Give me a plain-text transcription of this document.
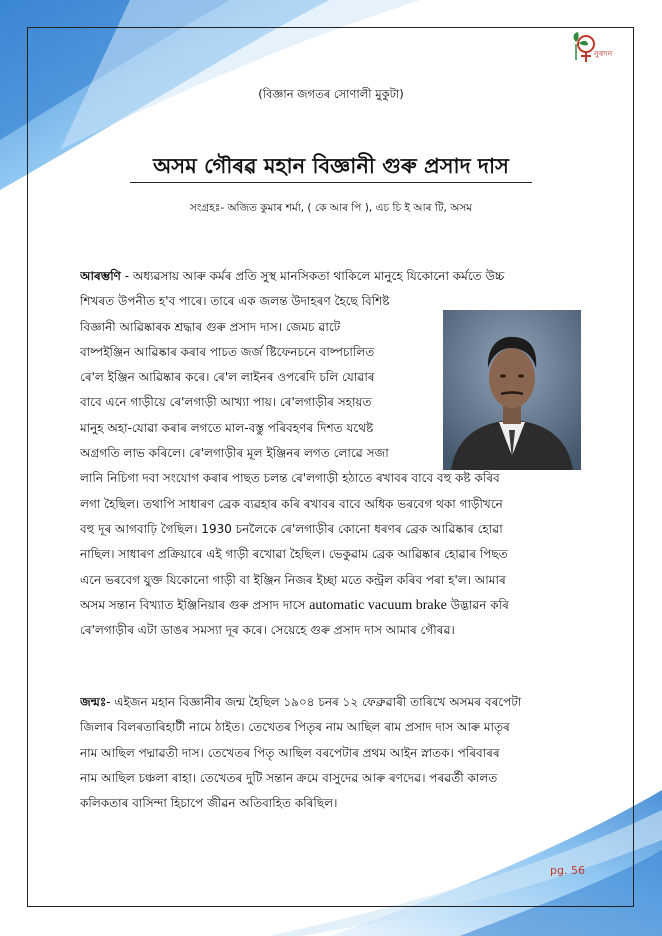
নুৰদন
(বিজ্ঞান জগতৰ সোণালী মুকুটা)
অসম গৌৰৱ মহান বিজ্ঞানী গুৰু প্ৰসাদ দাস
সংগ্ৰহঃ- অজিত কুমাৰ শৰ্মা, ( কে আৰ পি ), এচ চি ই আৰ টি, অসম
আৰম্ভণি - অধ্যৱসায় আৰু কৰ্মৰ প্ৰতি সুস্থ মানসিকতা থাকিলে মানুহে যিকোনো কৰ্মতে উচ্চ
শিখৰত উপনীত হ'ব পাৰে। তাৰে এক জলন্ত উদাহৰণ হৈছে বিশিষ্ট
বিজ্ঞানী আৱিষ্কাৰক শ্ৰদ্ধাৰ গুৰু প্ৰসাদ দাস। জেমচ ৱাটে
বাষ্পইঞ্জিন আৱিষ্কাৰ কৰাৰ পাচত জৰ্জ ষ্টিফেনচনে বাষ্পচালিত
ৰে'ল ইঞ্জিন আৱিষ্কাৰ কৰে। ৰে'ল লাইনৰ ওপৰেদি চলি যোৱাৰ
বাবে এনে গাড়ীয়ে ৰে'লগাড়ী আখ্যা পায়। ৰে'লগাড়ীৰ সহায়ত
মানুহ অহা-যোৱা কৰাৰ লগতে মাল-বস্তু পৰিবহণৰ দিশত যথেষ্ট
অগ্ৰগতি লাভ কৰিলে। ৰে'লগাড়ীৰ মূল ইঞ্জিনৰ লগত লোৱে সজা
লানি নিচিগা দবা সংযোগ কৰাৰ পাছত চলন্ত ৰে'লগাড়ী হঠাতে ৰখাবৰ বাবে বহু কষ্ট কৰিব
লগা হৈছিল। তথাপি সাধাৰণ ব্ৰেক ব্যৱহাৰ কৰি ৰখাবৰ বাবে অধিক ভৰবেগ থকা গাড়ীখনে
বহু দূৰ আগবাঢ়ি গৈছিল। 1930 চনলৈকে ৰে'লগাড়ীৰ কোনো ধৰণৰ ব্ৰেক আৱিষ্কাৰ হোৱা
নাছিল। সাধাৰণ প্ৰক্ৰিয়াৰে এই গাড়ী ৰখোৱা হৈছিল। ভেকুৱাম ব্ৰেক আৱিষ্কাৰ হোৱাৰ পিছত
এনে ভৰবেগ যুক্ত যিকোনো গাড়ী বা ইঞ্জিন নিজৰ ইচ্ছা মতে কন্ট্ৰল কৰিব পৰা হ'ল। আমাৰ
অসম সন্তান বিখ্যাত ইঞ্জিনিয়াৰ গুৰু প্ৰসাদ দাসে automatic vacuum brake উদ্ভাৱন কৰি
ৰে'লগাড়ীৰ এটা ডাঙৰ সমস্যা দূৰ কৰে। সেয়েহে গুৰু প্ৰসাদ দাস আমাৰ গৌৰৱ।
জন্মঃ- এইজন মহান বিজ্ঞানীৰ জন্ম হৈছিল ১৯০৪ চনৰ ১২ ফেব্ৰুৱাৰী তাৰিখে অসমৰ বৰপেটা
জিলাৰ বিলৰতাৰিহাটী নামে ঠাইত। তেখেতৰ পিতৃৰ নাম আছিল ৰাম প্ৰসাদ দাস আৰু মাতৃৰ
নাম আছিল পদ্মাৱতী দাস। তেখেতৰ পিতৃ আছিল বৰপেটাৰ প্ৰথম আইন স্নাতক। পৰিবাৰৰ
নাম আছিল চঞ্চলা ৰাহা। তেখেতৰ দুটি সন্তান ক্ৰমে বাসুদেৱ আৰু ৰণদেৱ। পৰৱৰ্তী কালত
কলিকতাৰ বাসিন্দা হিচাপে জীৱন অতিবাহিত কৰিছিল।
pg. 56
